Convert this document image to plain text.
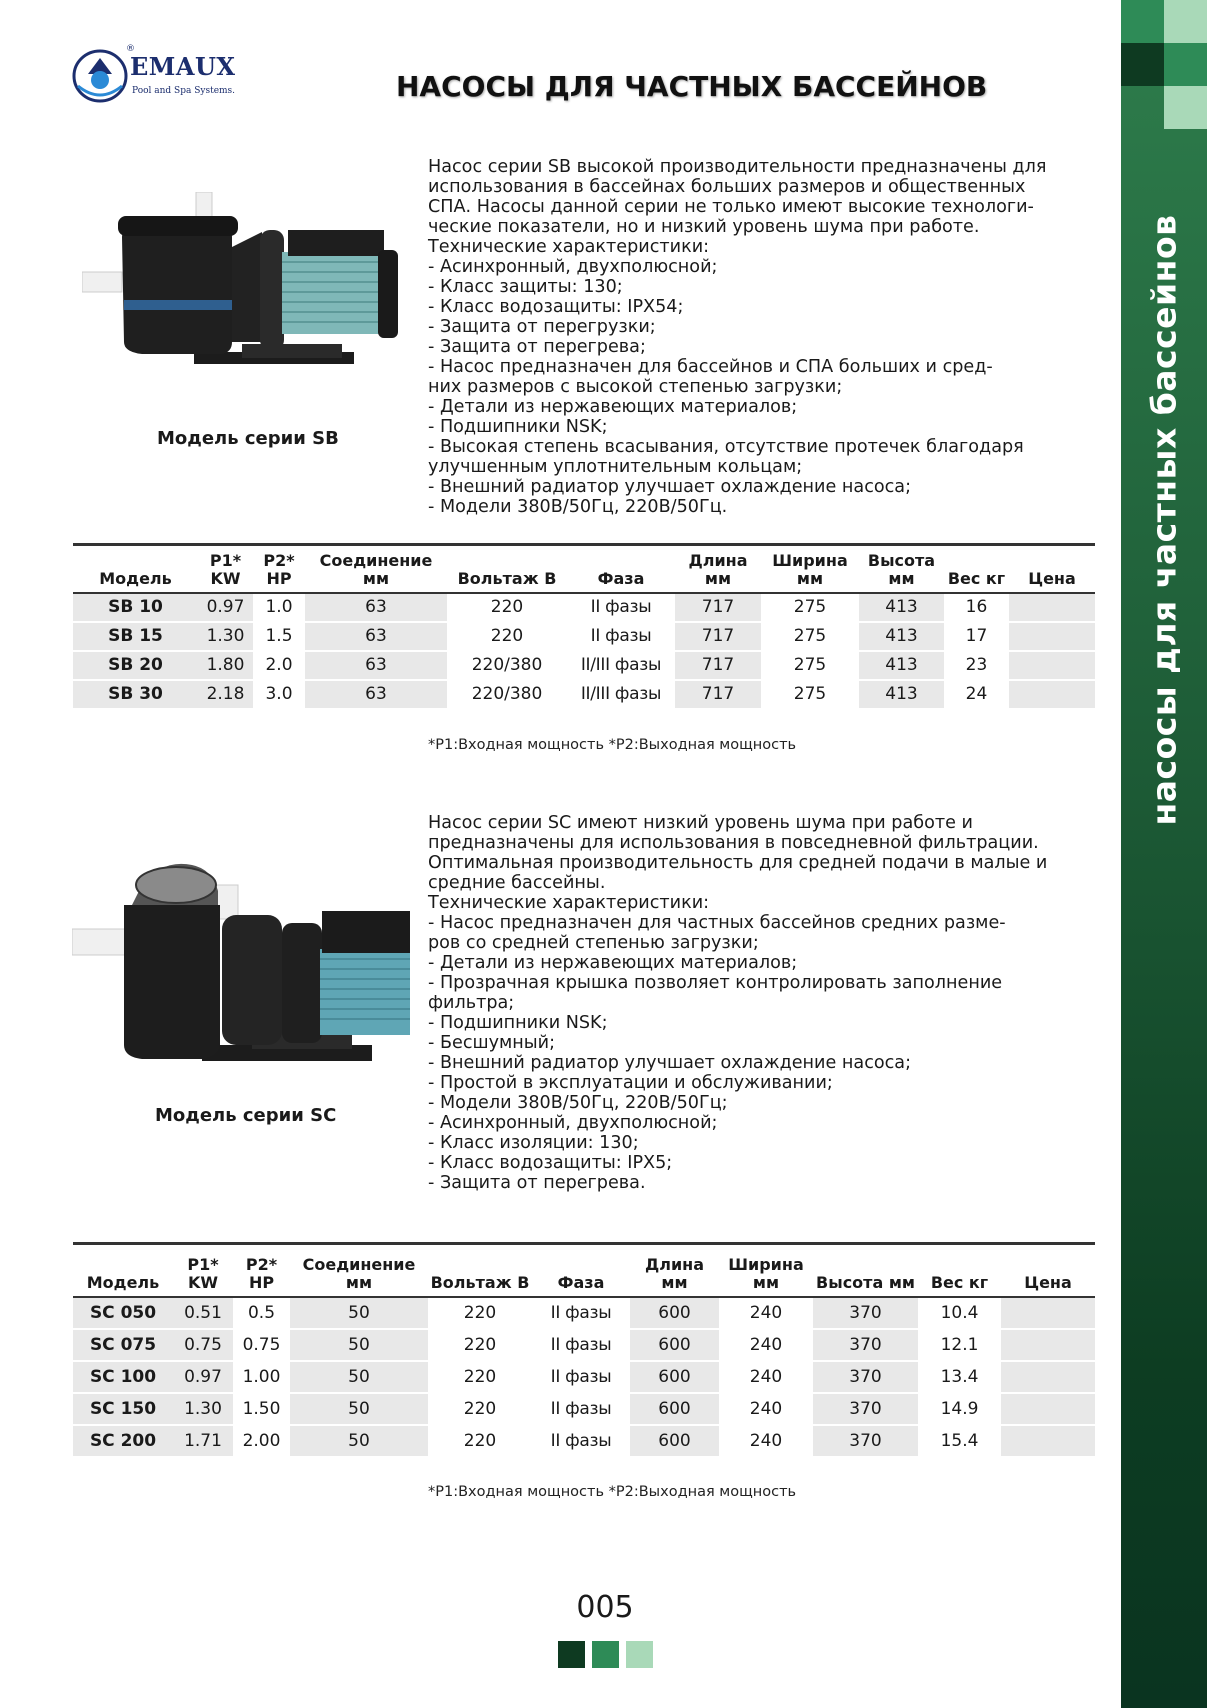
насосы для частных бассейнов
®
EMAUX
Pool and Spa Systems.	НАСОСЫ ДЛЯ ЧАСТНЫХ БАССЕЙНОВ
Модель серии SB
Насос серии SB высокой производительности предназначены для
использования в бассейнах больших размеров и общественных
СПА. Насосы данной серии не только имеют высокие технологи-
ческие показатели, но и низкий уровень шума при работе.
Технические характеристики:
- Асинхронный, двухполюсной;
- Класс защиты: 130;
- Класс водозащиты: IPX54;
- Защита от перегрузки;
- Защита от перегрева;
- Насос предназначен для бассейнов и СПА больших и сред-
них размеров с высокой степенью загрузки;
- Детали из нержавеющих материалов;
- Подшипники NSK;
- Высокая степень всасывания, отсутствие протечек благодаря
улучшенным уплотнительным кольцам;
- Внешний радиатор улучшает охлаждение насоса;
- Модели 380В/50Гц, 220В/50Гц.
Модель	P1* KW	P2* HP	Соединение мм	Вольтаж В	Фаза	Длина мм	Ширина мм	Высота мм	Вес кг	Цена
SB 10	0.97	1.0	63	220	II фазы	717	275	413	16	
SB 15	1.30	1.5	63	220	II фазы	717	275	413	17	
SB 20	1.80	2.0	63	220/380	II/III фазы	717	275	413	23	
SB 30	2.18	3.0	63	220/380	II/III фазы	717	275	413	24	
*P1:Входная мощность *P2:Выходная мощность
Модель серии SC
Насос серии SC имеют низкий уровень шума при работе и
предназначены для использования в повседневной фильтрации.
Оптимальная производительность для средней подачи в малые и
средние бассейны.
Технические характеристики:
- Насос предназначен для частных бассейнов средних разме-
ров со средней степенью загрузки;
- Детали из нержавеющих материалов;
- Прозрачная крышка позволяет контролировать заполнение
фильтра;
- Подшипники NSK;
- Бесшумный;
- Внешний радиатор улучшает охлаждение насоса;
- Простой в эксплуатации и обслуживании;
- Модели 380В/50Гц, 220В/50Гц;
- Асинхронный, двухполюсной;
- Класс изоляции: 130;
- Класс водозащиты: IPX5;
- Защита от перегрева.
Модель	P1* KW	P2* HP	Соединение мм	Вольтаж В	Фаза	Длина мм	Ширина мм	Высота мм	Вес кг	Цена
SC 050	0.51	0.5	50	220	II фазы	600	240	370	10.4	
SC 075	0.75	0.75	50	220	II фазы	600	240	370	12.1	
SC 100	0.97	1.00	50	220	II фазы	600	240	370	13.4	
SC 150	1.30	1.50	50	220	II фазы	600	240	370	14.9	
SC 200	1.71	2.00	50	220	II фазы	600	240	370	15.4	
*P1:Входная мощность *P2:Выходная мощность
005
